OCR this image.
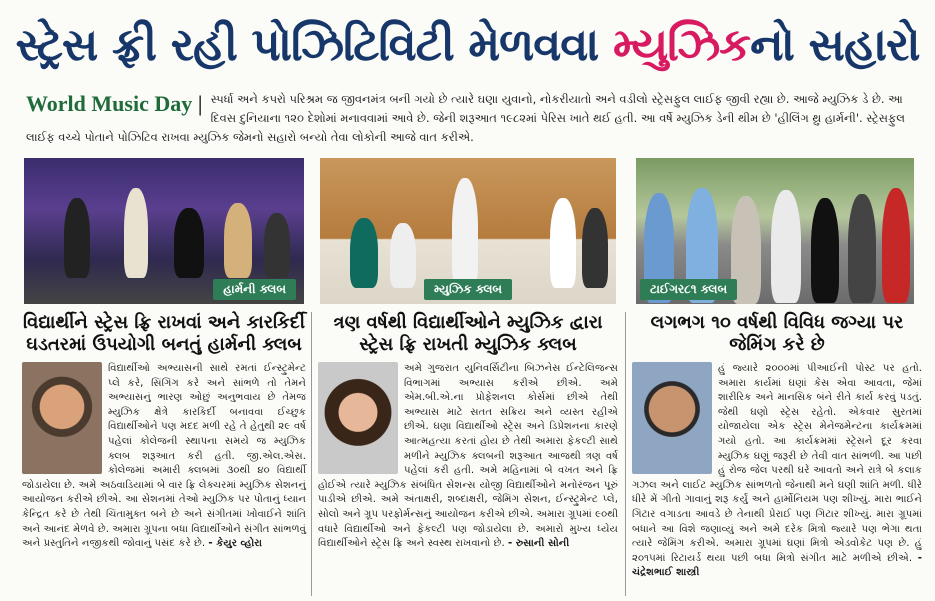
સ્ટ્રેસ ફ્રી રહી પોઝિટિવિટી મેળવવા મ્યુઝિકનો સહારો
World Music Day | સ્પર્ધા અને કપરો પરિશ્રમ જ જીવનમંત્ર બની ગયો છે ત્યારે ઘણા યુવાનો, નોકરીયાતો અને વડીલો સ્ટ્રેસફુલ લાઈફ જીવી રહ્યા છે. આજે મ્યુઝિક ડે છે. આ દિવસ દુનિયાના ૧૨૦ દેશોમાં મનાવવામાં આવે છે. જેની શરૂઆત ૧૯૮૨માં પેરિસ ખાતે થઈ હતી. આ વર્ષે મ્યુઝિક ડેની થીમ છે 'હીલિંગ થ્રુ હાર્મની'. સ્ટ્રેસફુલ લાઈફ વચ્ચે પોતાને પોઝિટિવ રાખવા મ્યુઝિક જેમનો સહારો બન્યો તેવા લોકોની આજે વાત કરીએ.
હાર્મની ક્લબ	મ્યુઝિક ક્લબ	ટાઈગર૮૧ ક્લબ
વિદ્યાર્થીને સ્ટ્રેસ ફ્રિ રાખવાં અને કારકિર્દી ઘડતરમાં ઉપયોગી બનતું હાર્મની ક્લબ
વિદ્યાર્થીઓ અભ્યાસની સાથે રમતાં ઈન્સ્ટ્રુમેન્ટ પ્લે કરે, સિંગિંગ કરે અને સાંભળે તો તેમને અભ્યાસનું ભારણ ઓછું અનુભવાય છે તેમજ મ્યુઝિક ક્ષેત્રે કારકિર્દી બનાવવા ઈચ્છુક વિદ્યાર્થીઓને પણ મદદ મળી રહે તે હેતુથી ૨૯ વર્ષ પહેલાં કોલેજની સ્થાપના સમયે જ મ્યુઝિક ક્લબ શરૂઆત કરી હતી. જી.એલ.એસ. કોલેજમાં અમારી ક્લબમાં ૩૦થી ૪૦ વિદ્યાર્થી જોડાયેલા છે. અમે અઠવાડિયામાં બે વાર ફ્રિ લેક્ચરમાં મ્યુઝિક સેશનનું આયોજન કરીએ છીએ. આ સેશનમાં તેઓ મ્યુઝિક પર પોતાનું ધ્યાન કેન્દ્રિત કરે છે તેથી ચિંતામુક્ત બને છે અને સંગીતમાં ખોવાઈને શાંતિ અને આનંદ મેળવે છે. અમારા ગ્રૂપના બધા વિદ્યાર્થીઓને સંગીત સાંભળવું અને પ્રસ્તુતિને નજીકથી જોવાનું પસંદ કરે છે. - કેયુર વ્હોરા
ત્રણ વર્ષથી વિદ્યાર્થીઓને મ્યુઝિક દ્વારા સ્ટ્રેસ ફ્રિ રાખતી મ્યુઝિક ક્લબ
અમે ગુજરાત યુનિવર્સિટીના બિઝનેસ ઈન્ટેલિજન્સ વિભાગમાં અભ્યાસ કરીએ છીએ. અમે એમ.બી.એ.ના પ્રોફેશનલ કોર્સમાં છીએ તેથી અભ્યાસ માટે સતત સક્રિય અને વ્યસ્ત રહીએ છીએ. ઘણા વિદ્યાર્થીઓ સ્ટ્રેસ અને ડિપ્રેશનના કારણે આત્મહત્યા કરતાં હોય છે તેથી અમારા ફેકલ્ટી સાથે મળીને મ્યુઝિક ક્લબની શરૂઆત આજથી ત્રણ વર્ષ પહેલાં કરી હતી. અમે મહિનામાં બે વખત અને ફ્રિ હોઈએ ત્યારે મ્યુઝિક સંબંધિત સેશન્સ યોજી વિદ્યાર્થીઓને મનોરંજન પૂરું પાડીએ છીએ. અમે અંતાક્ષરી, શબ્દાક્ષરી, જેમિંગ સેશન, ઈન્સ્ટ્રુમેન્ટ પ્લે, સોલો અને ગ્રૂપ પરફોર્મન્સનું આયોજન કરીએ છીએ. અમારા ગ્રૂપમાં ૯૦થી વધારે વિદ્યાર્થીઓ અને ફેકલ્ટી પણ જોડાયેલા છે. અમારો મુખ્ય ધ્યેય વિદ્યાર્થીઓને સ્ટ્રેસ ફ્રિ અને સ્વસ્થ રાખવાનો છે. - રુસાની સોની
લગભગ ૧૦ વર્ષથી વિવિધ જગ્યા પર જેમિંગ કરે છે
હું જ્યારે ૨૦૦૦માં પીઆઈની પોસ્ટ પર હતો. અમારા કાર્યમાં ઘણાં કેસ એવા આવતા, જેમાં શારીરિક અને માનસિક બંને રીતે કાર્ય કરવું પડતું. જેથી ઘણો સ્ટ્રેસ રહેતો. એકવાર સુરતમાં યોજાયેલા એક સ્ટ્રેસ મેનેજમેન્ટના કાર્યક્રમમાં ગયો હતો. આ કાર્યક્રમમાં સ્ટ્રેસને દૂર કરવા મ્યુઝિક ઘણું જરૂરી છે તેવી વાત સાંભળી. આ પછી હું રોજ જેલ પરથી ઘરે આવતો અને રાત્રે બે કલાક ગઝલ અને લાઈટ મ્યુઝિક સાંભળતો જેનાથી મને ઘણી શાંતિ મળી. ધીરે ધીરે મેં ગીતો ગાવાનું શરૂ કર્યું અને હાર્મોનિયમ પણ શીખ્યું. મારા ભાઈને ગિટાર વગાડતા આવડે છે તેનાથી પ્રેરાઈ પણ ગિટાર શીખ્યું. મારા ગ્રૂપમાં બધાને આ વિશે જણાવ્યું અને અમે દરેક મિત્રો જ્યારે પણ ભેગા થતા ત્યારે જેમિંગ કરીએ. અમારા ગ્રૂપમાં ઘણાં મિત્રો એડવોકેટ પણ છે. હું ૨૦૧૫માં રિટાયર્ડ થયા પછી બધા મિત્રો સંગીત માટે મળીએ છીએ. - ચંદ્રેશભાઈ શાસ્ત્રી
